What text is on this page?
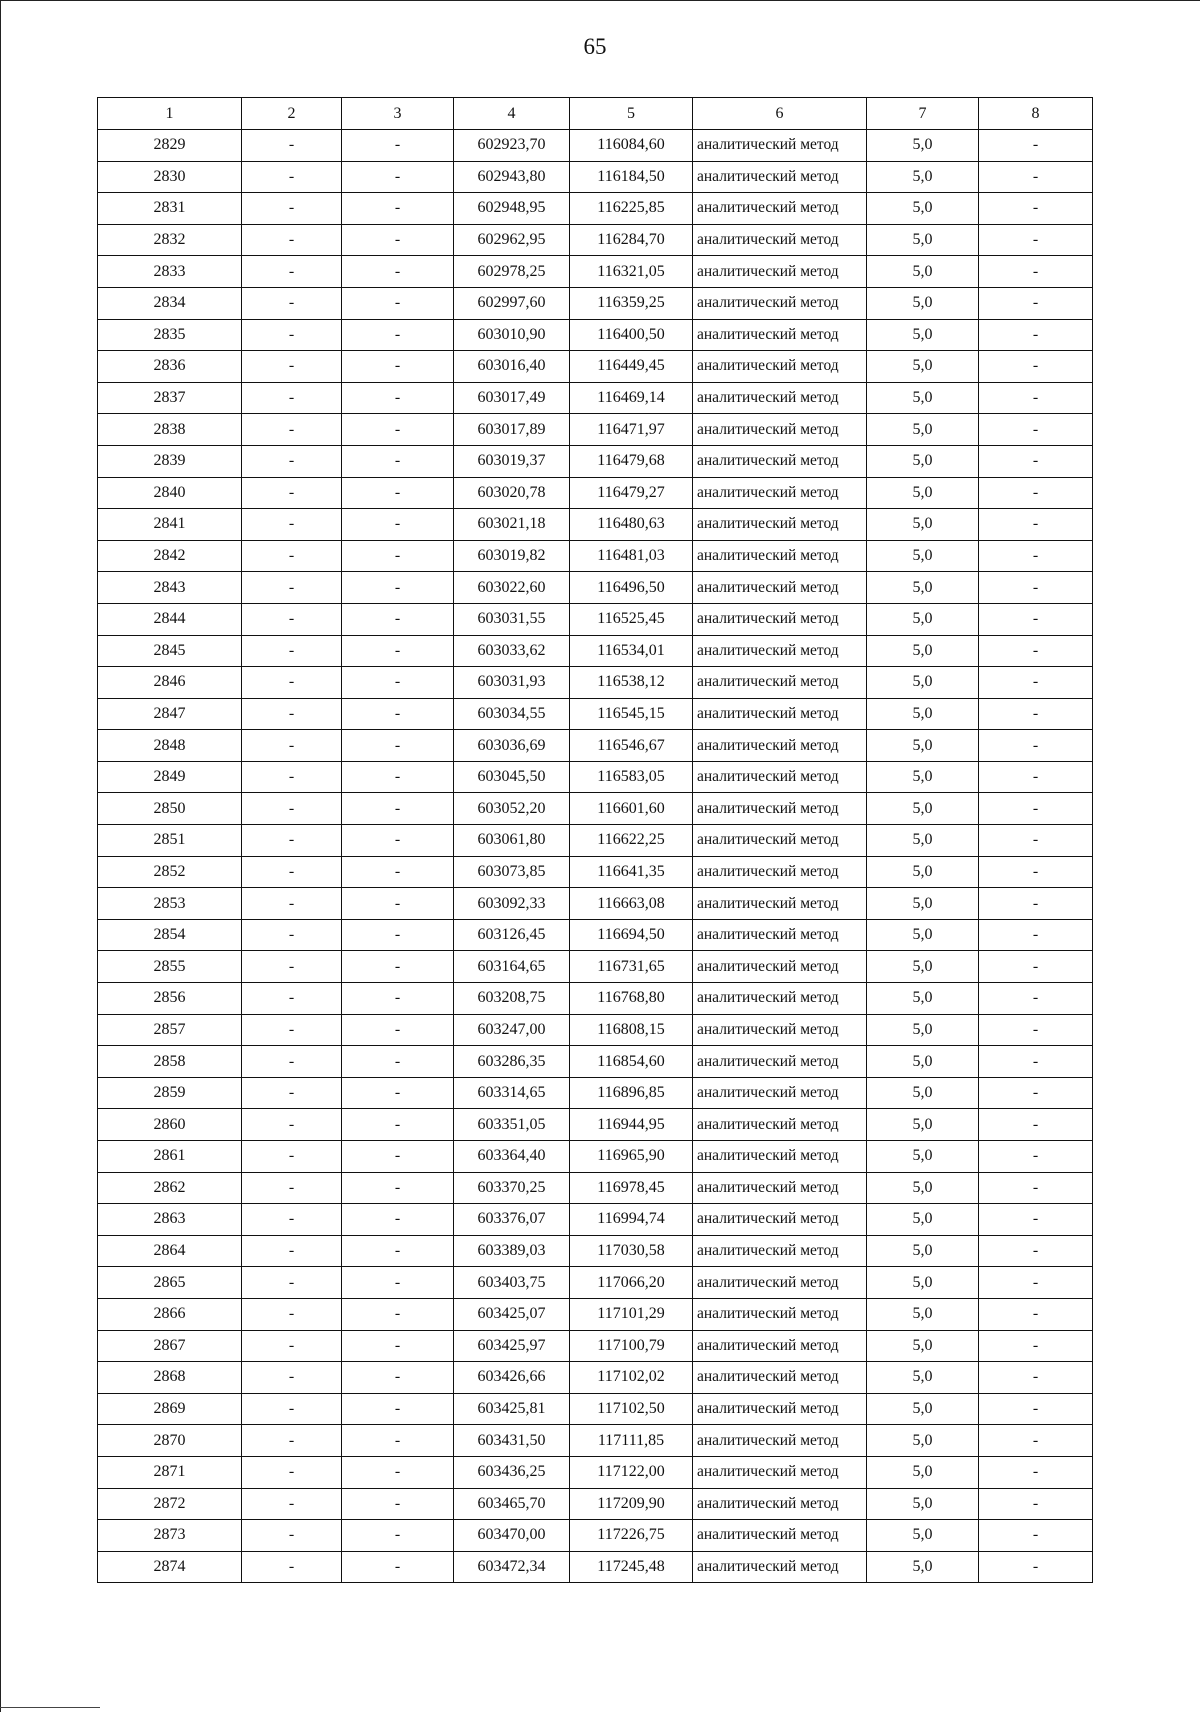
65
1	2	3	4	5	6	7	8
2829	-	-	602923,70	116084,60	аналитический метод	5,0	-
2830	-	-	602943,80	116184,50	аналитический метод	5,0	-
2831	-	-	602948,95	116225,85	аналитический метод	5,0	-
2832	-	-	602962,95	116284,70	аналитический метод	5,0	-
2833	-	-	602978,25	116321,05	аналитический метод	5,0	-
2834	-	-	602997,60	116359,25	аналитический метод	5,0	-
2835	-	-	603010,90	116400,50	аналитический метод	5,0	-
2836	-	-	603016,40	116449,45	аналитический метод	5,0	-
2837	-	-	603017,49	116469,14	аналитический метод	5,0	-
2838	-	-	603017,89	116471,97	аналитический метод	5,0	-
2839	-	-	603019,37	116479,68	аналитический метод	5,0	-
2840	-	-	603020,78	116479,27	аналитический метод	5,0	-
2841	-	-	603021,18	116480,63	аналитический метод	5,0	-
2842	-	-	603019,82	116481,03	аналитический метод	5,0	-
2843	-	-	603022,60	116496,50	аналитический метод	5,0	-
2844	-	-	603031,55	116525,45	аналитический метод	5,0	-
2845	-	-	603033,62	116534,01	аналитический метод	5,0	-
2846	-	-	603031,93	116538,12	аналитический метод	5,0	-
2847	-	-	603034,55	116545,15	аналитический метод	5,0	-
2848	-	-	603036,69	116546,67	аналитический метод	5,0	-
2849	-	-	603045,50	116583,05	аналитический метод	5,0	-
2850	-	-	603052,20	116601,60	аналитический метод	5,0	-
2851	-	-	603061,80	116622,25	аналитический метод	5,0	-
2852	-	-	603073,85	116641,35	аналитический метод	5,0	-
2853	-	-	603092,33	116663,08	аналитический метод	5,0	-
2854	-	-	603126,45	116694,50	аналитический метод	5,0	-
2855	-	-	603164,65	116731,65	аналитический метод	5,0	-
2856	-	-	603208,75	116768,80	аналитический метод	5,0	-
2857	-	-	603247,00	116808,15	аналитический метод	5,0	-
2858	-	-	603286,35	116854,60	аналитический метод	5,0	-
2859	-	-	603314,65	116896,85	аналитический метод	5,0	-
2860	-	-	603351,05	116944,95	аналитический метод	5,0	-
2861	-	-	603364,40	116965,90	аналитический метод	5,0	-
2862	-	-	603370,25	116978,45	аналитический метод	5,0	-
2863	-	-	603376,07	116994,74	аналитический метод	5,0	-
2864	-	-	603389,03	117030,58	аналитический метод	5,0	-
2865	-	-	603403,75	117066,20	аналитический метод	5,0	-
2866	-	-	603425,07	117101,29	аналитический метод	5,0	-
2867	-	-	603425,97	117100,79	аналитический метод	5,0	-
2868	-	-	603426,66	117102,02	аналитический метод	5,0	-
2869	-	-	603425,81	117102,50	аналитический метод	5,0	-
2870	-	-	603431,50	117111,85	аналитический метод	5,0	-
2871	-	-	603436,25	117122,00	аналитический метод	5,0	-
2872	-	-	603465,70	117209,90	аналитический метод	5,0	-
2873	-	-	603470,00	117226,75	аналитический метод	5,0	-
2874	-	-	603472,34	117245,48	аналитический метод	5,0	-
